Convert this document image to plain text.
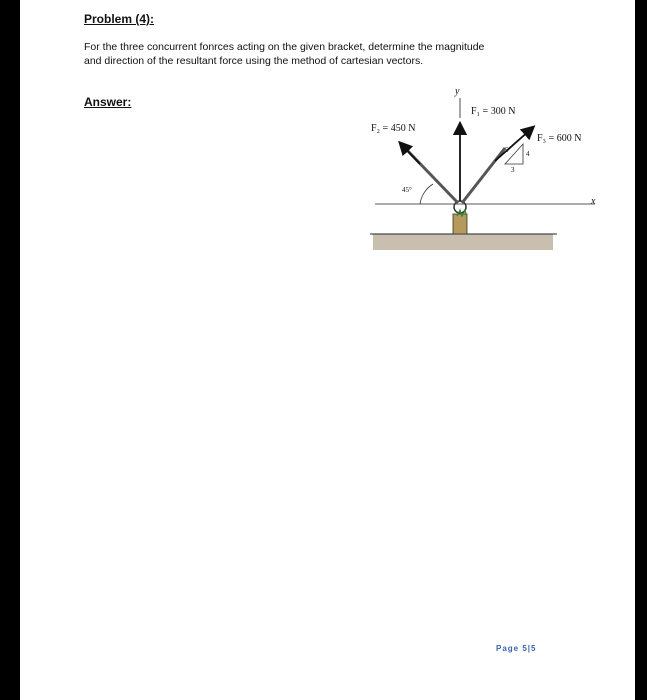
Problem (4):
For the three concurrent fonrces acting on the given bracket, determine the magnitude
and direction of the resultant force using the method of cartesian vectors.
Answer:
y
x
F₁ = 300 N
F₂ = 450 N
F₃ = 600 N
45°
5	4
3
Page 5|5
